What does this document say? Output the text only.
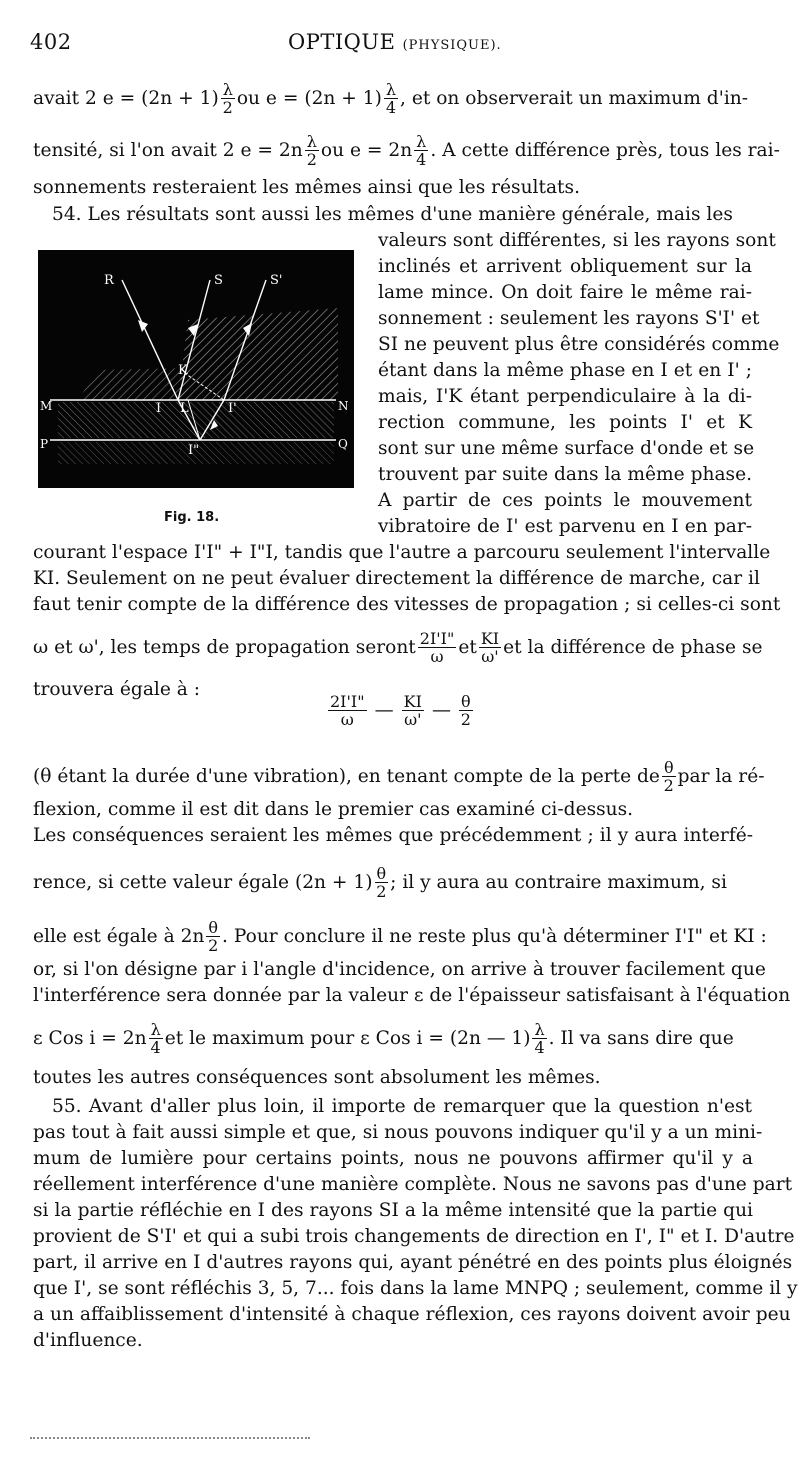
402	OPTIQUE (PHYSIQUE).
avait 2 $e = (2n + 1) \frac{\lambda}{2}$ ou $e = (2n + 1) \frac{\lambda}{4}$ , et on observerait un maximum d'in-
tensité, si l'on avait 2 $e = 2n \frac{\lambda}{2}$ ou $e = 2n \frac{\lambda}{4}$ . A cette différence près, tous les rai-
sonnements resteraient les mêmes ainsi que les résultats.
54. Les résultats sont aussi les mêmes d'une manière générale, mais les
R	S	S'
K
M	N
P	Q
I L	I'
I"
Fig. 18.
valeurs sont différentes, si les rayons sont
inclinés et arrivent obliquement sur la
lame mince. On doit faire le même rai-
sonnement : seulement les rayons S'I' et
SI ne peuvent plus être considérés comme
étant dans la même phase en I et en I' ;
mais, I'K étant perpendiculaire à la di-
rection commune, les points I' et K
sont sur une même surface d'onde et se
trouvent par suite dans la même phase.
A partir de ces points le mouvement
vibratoire de I' est parvenu en I en par-
courant l'espace I'I" + I"I, tandis que l'autre a parcouru seulement l'intervalle
KI. Seulement on ne peut évaluer directement la différence de marche, car il
faut tenir compte de la différence des vitesses de propagation ; si celles-ci sont
ω et ω', les temps de propagation seront $\frac{2I'I"}{\omega}$ et $\frac{KI}{\omega'}$ et la différence de phase se
trouvera égale à :
$\frac{2I'I"}{\omega}$ — $\frac{KI}{\omega'}$ — $\frac{\theta}{2}$
(θ étant la durée d'une vibration), en tenant compte de la perte de $\frac{\theta}{2}$ par la ré-
flexion, comme il est dit dans le premier cas examiné ci-dessus.
Les conséquences seraient les mêmes que précédemment ; il y aura interfé-
rence, si cette valeur égale $(2n + 1) \frac{\theta}{2}$ ; il y aura au contraire maximum, si
elle est égale à $2n \frac{\theta}{2}$ . Pour conclure il ne reste plus qu'à déterminer I'I" et KI :
or, si l'on désigne par i l'angle d'incidence, on arrive à trouver facilement que
l'interférence sera donnée par la valeur ε de l'épaisseur satisfaisant à l'équation
ε Cos $i = 2n \frac{\lambda}{4}$ et le maximum pour ε Cos i = (2n — $1) \frac{\lambda}{4}$ . Il va sans dire que
toutes les autres conséquences sont absolument les mêmes.
55. Avant d'aller plus loin, il importe de remarquer que la question n'est
pas tout à fait aussi simple et que, si nous pouvons indiquer qu'il y a un mini-
mum de lumière pour certains points, nous ne pouvons affirmer qu'il y a
réellement interférence d'une manière complète. Nous ne savons pas d'une part
si la partie réfléchie en I des rayons SI a la même intensité que la partie qui
provient de S'I' et qui a subi trois changements de direction en I', I" et I. D'autre
part, il arrive en I d'autres rayons qui, ayant pénétré en des points plus éloignés
que I', se sont réfléchis 3, 5, 7... fois dans la lame MNPQ ; seulement, comme il y
a un affaiblissement d'intensité à chaque réflexion, ces rayons doivent avoir peu
d'influence.
